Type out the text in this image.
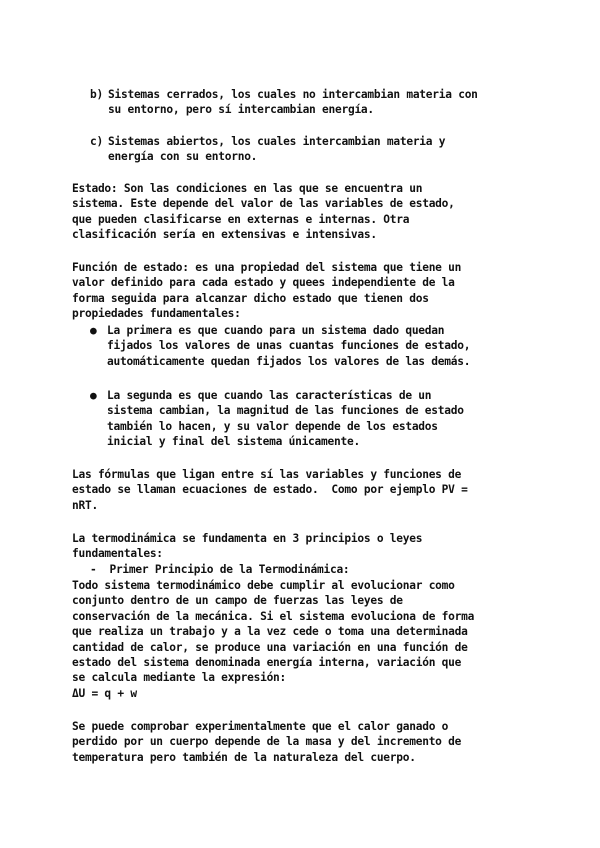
b) Sistemas cerrados, los cuales no intercambian materia con
su entorno, pero sí intercambian energía.
c) Sistemas abiertos, los cuales intercambian materia y
energía con su entorno.
Estado: Son las condiciones en las que se encuentra un
sistema. Este depende del valor de las variables de estado,
que pueden clasificarse en externas e internas. Otra
clasificación sería en extensivas e intensivas.
Función de estado: es una propiedad del sistema que tiene un
valor definido para cada estado y quees independiente de la
forma seguida para alcanzar dicho estado que tienen dos
propiedades fundamentales:
● La primera es que cuando para un sistema dado quedan
fijados los valores de unas cuantas funciones de estado,
automáticamente quedan fijados los valores de las demás.
● La segunda es que cuando las características de un
sistema cambian, la magnitud de las funciones de estado
también lo hacen, y su valor depende de los estados
inicial y final del sistema únicamente.
Las fórmulas que ligan entre sí las variables y funciones de
estado se llaman ecuaciones de estado.  Como por ejemplo PV =
nRT.
La termodinámica se fundamenta en 3 principios o leyes
fundamentales:
-  Primer Principio de la Termodinámica:
Todo sistema termodinámico debe cumplir al evolucionar como
conjunto dentro de un campo de fuerzas las leyes de
conservación de la mecánica. Si el sistema evoluciona de forma
que realiza un trabajo y a la vez cede o toma una determinada
cantidad de calor, se produce una variación en una función de
estado del sistema denominada energía interna, variación que
se calcula mediante la expresión:
ΔU = q + w
Se puede comprobar experimentalmente que el calor ganado o
perdido por un cuerpo depende de la masa y del incremento de
temperatura pero también de la naturaleza del cuerpo.
